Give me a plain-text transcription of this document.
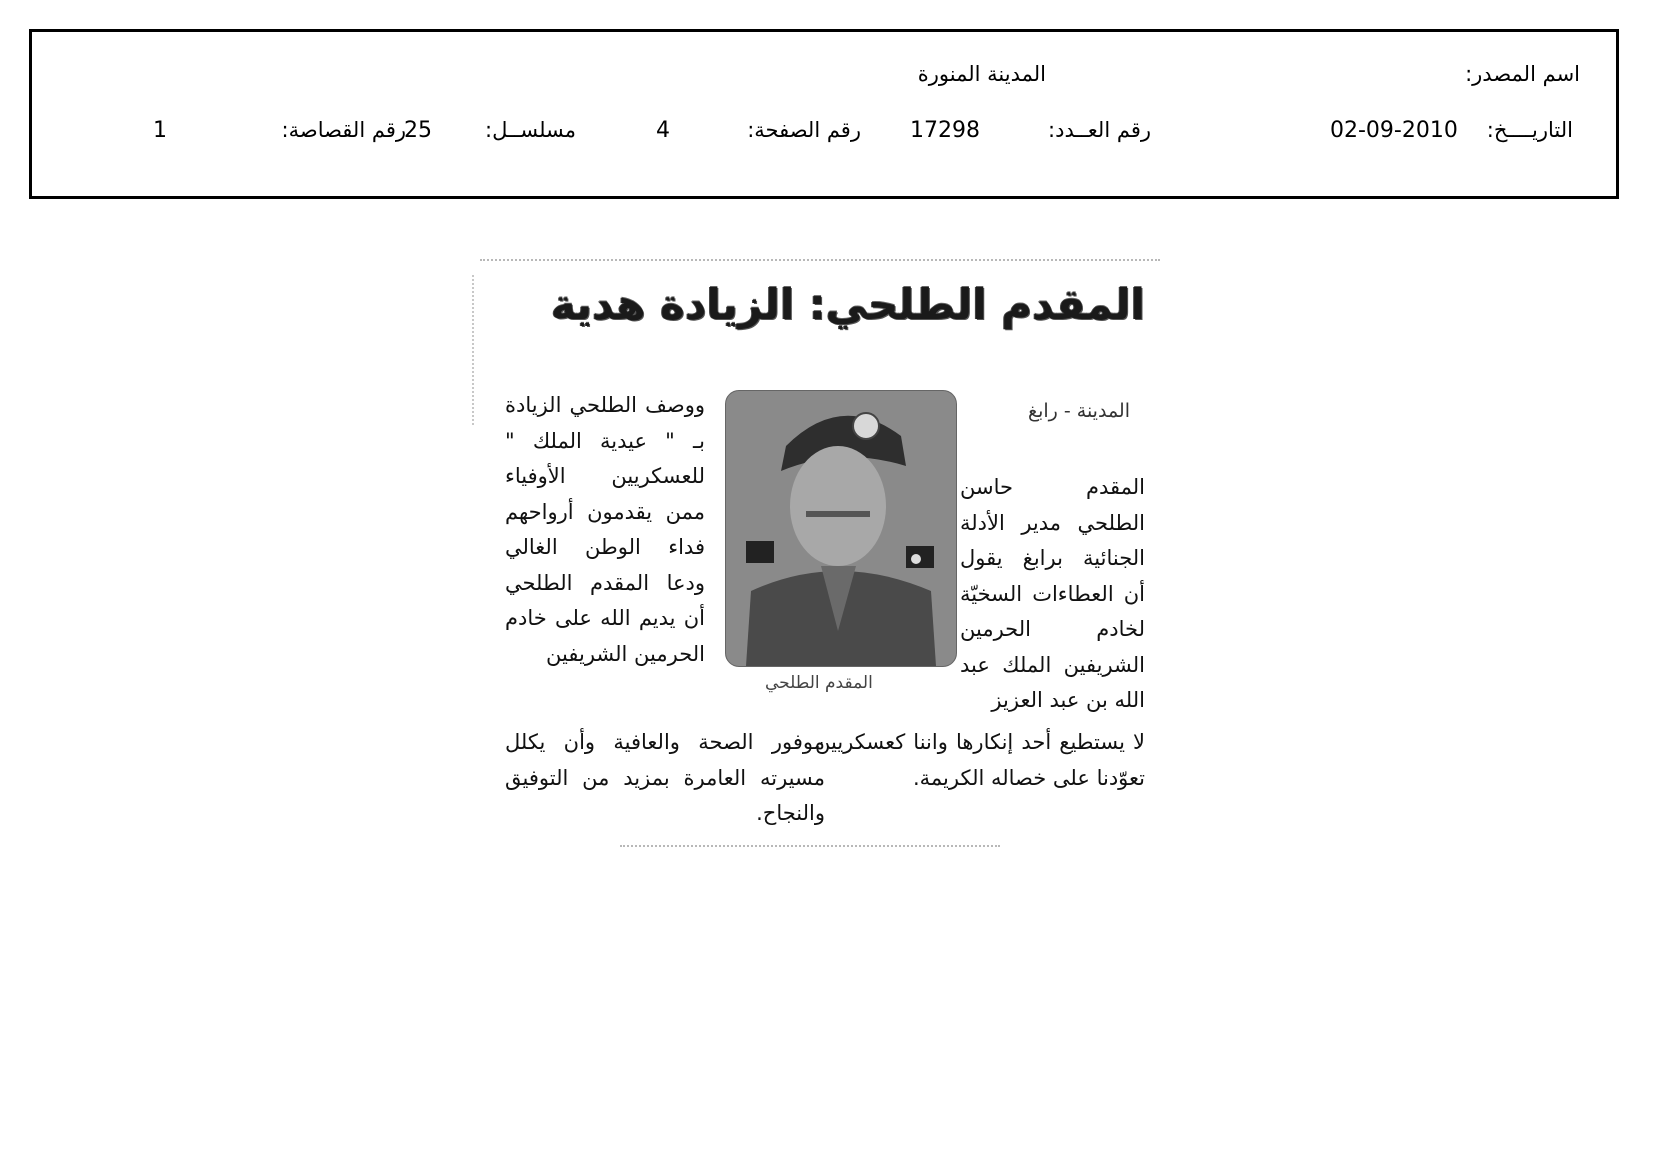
اسم المصدر:
المدينة المنورة
التاريــــخ:
02-09-2010
رقم العــدد:
17298
رقم الصفحة:
4
مسلســل:
25
رقم القصاصة:
1
المقدم الطلحي: الزيادة هدية
المدينة - رابغ
المقدم حاسن الطلحي مدير الأدلة الجنائية برابغ يقول أن العطاءات السخيّة لخادم الحرمين الشريفين الملك عبد الله بن عبد العزيز
المقدم الطلحي
ووصف الطلحي الزيادة بـ " عيدية الملك " للعسكريين الأوفياء ممن يقدمون أرواحهم فداء الوطن الغالي ودعا المقدم الطلحي أن يديم الله على خادم الحرمين الشريفين
لا يستطيع أحد إنكارها واننا كعسكريين تعوّدنا على خصاله الكريمة.
موفور الصحة والعافية وأن يكلل مسيرته العامرة بمزيد من التوفيق والنجاح.
